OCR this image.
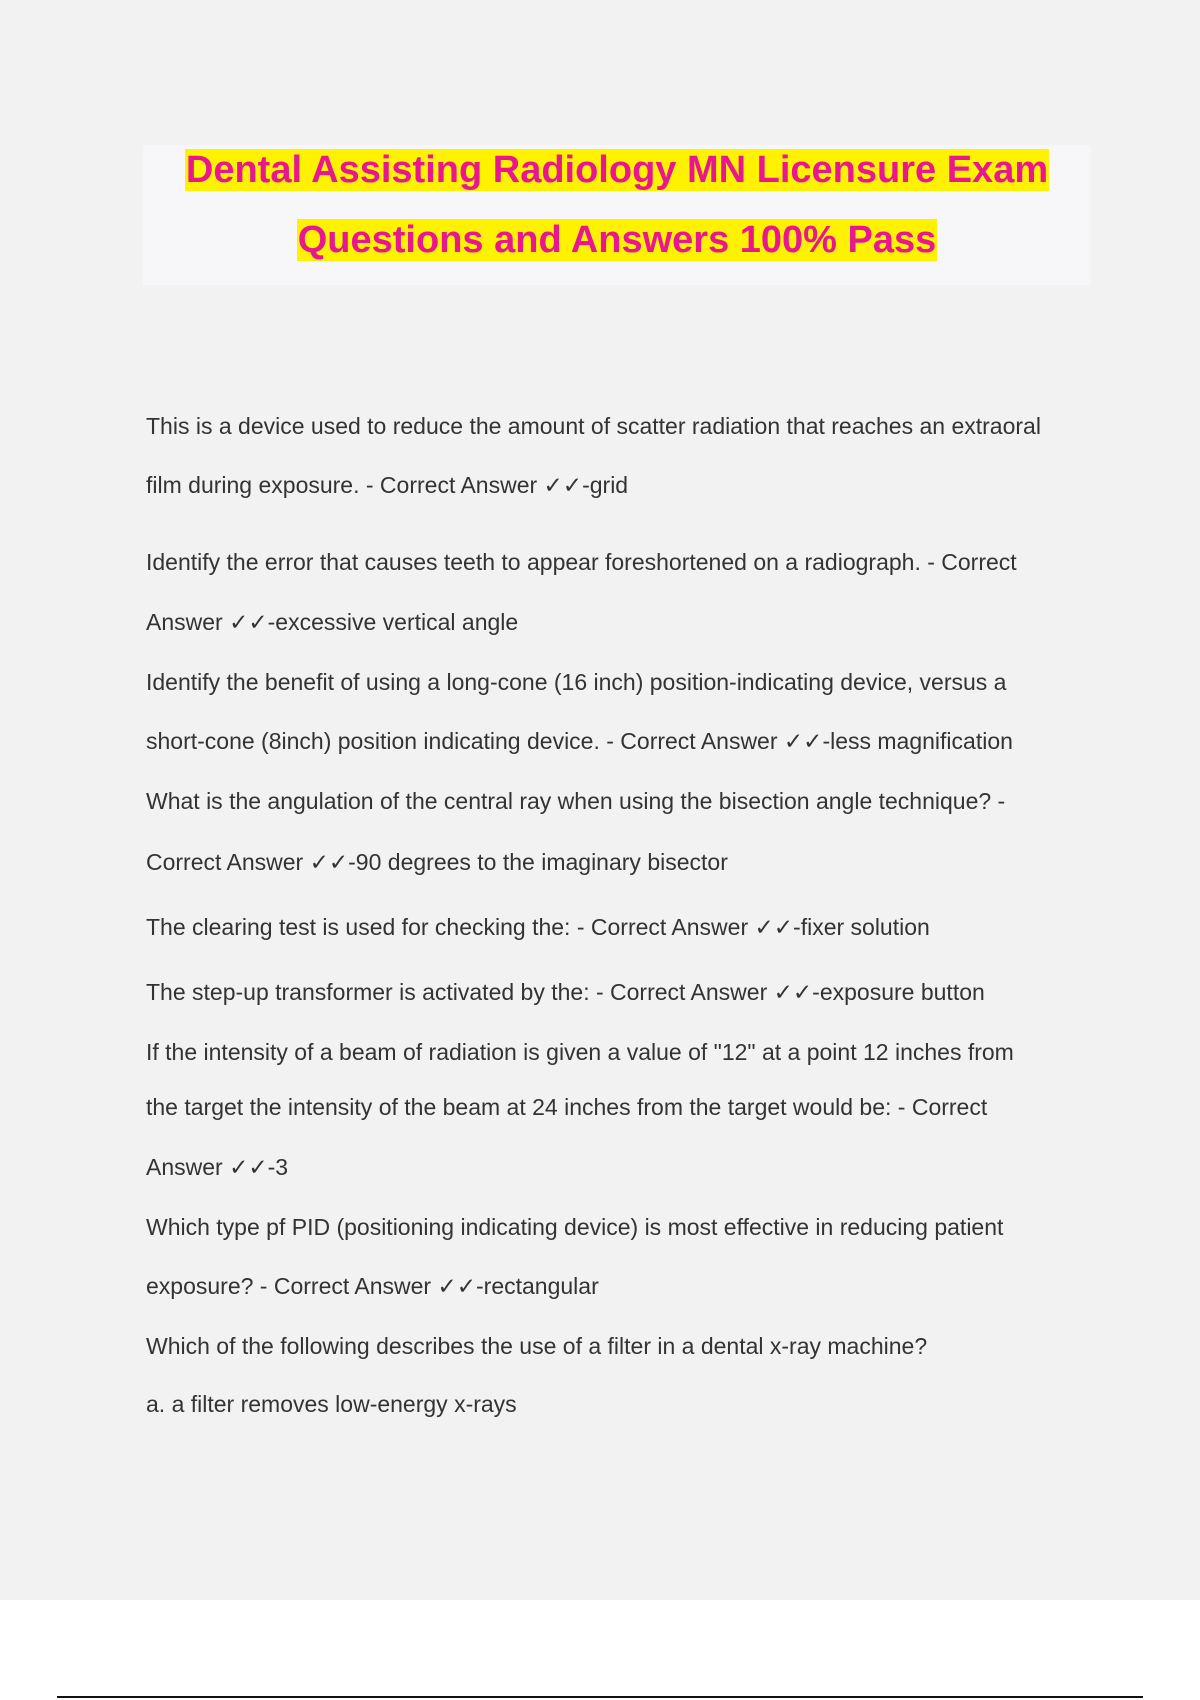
Dental Assisting Radiology MN Licensure Exam
Questions and Answers 100% Pass
This is a device used to reduce the amount of scatter radiation that reaches an extraoral
film during exposure. - Correct Answer ✓✓-grid
Identify the error that causes teeth to appear foreshortened on a radiograph. - Correct
Answer ✓✓-excessive vertical angle
Identify the benefit of using a long-cone (16 inch) position-indicating device, versus a
short-cone (8inch) position indicating device. - Correct Answer ✓✓-less magnification
What is the angulation of the central ray when using the bisection angle technique? -
Correct Answer ✓✓-90 degrees to the imaginary bisector
The clearing test is used for checking the: - Correct Answer ✓✓-fixer solution
The step-up transformer is activated by the: - Correct Answer ✓✓-exposure button
If the intensity of a beam of radiation is given a value of "12" at a point 12 inches from
the target the intensity of the beam at 24 inches from the target would be: - Correct
Answer ✓✓-3
Which type pf PID (positioning indicating device) is most effective in reducing patient
exposure? - Correct Answer ✓✓-rectangular
Which of the following describes the use of a filter in a dental x-ray machine?
a. a filter removes low-energy x-rays
